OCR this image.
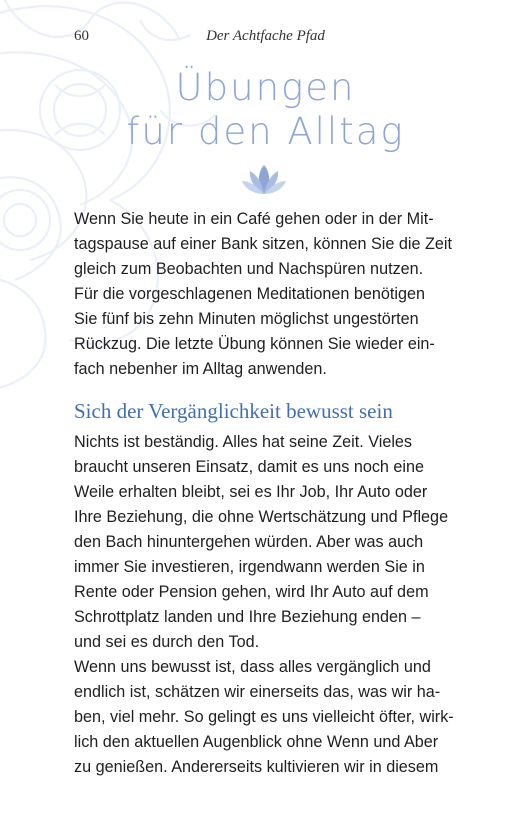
60	Der Achtfache Pfad
Übungen
für den Alltag
Wenn Sie heute in ein Café gehen oder in der Mit-
tagspause auf einer Bank sitzen, können Sie die Zeit
gleich zum Beobachten und Nachspüren nutzen.
Für die vorgeschlagenen Meditationen benötigen
Sie fünf bis zehn Minuten möglichst ungestörten
Rückzug. Die letzte Übung können Sie wieder ein-
fach nebenher im Alltag anwenden.
Sich der Vergänglichkeit bewusst sein
Nichts ist beständig. Alles hat seine Zeit. Vieles
braucht unseren Einsatz, damit es uns noch eine
Weile erhalten bleibt, sei es Ihr Job, Ihr Auto oder
Ihre Beziehung, die ohne Wertschätzung und Pflege
den Bach hinuntergehen würden. Aber was auch
immer Sie investieren, irgendwann werden Sie in
Rente oder Pension gehen, wird Ihr Auto auf dem
Schrottplatz landen und Ihre Beziehung enden –
und sei es durch den Tod.
Wenn uns bewusst ist, dass alles vergänglich und
endlich ist, schätzen wir einerseits das, was wir ha-
ben, viel mehr. So gelingt es uns vielleicht öfter, wirk-
lich den aktuellen Augenblick ohne Wenn und Aber
zu genießen. Andererseits kultivieren wir in diesem
